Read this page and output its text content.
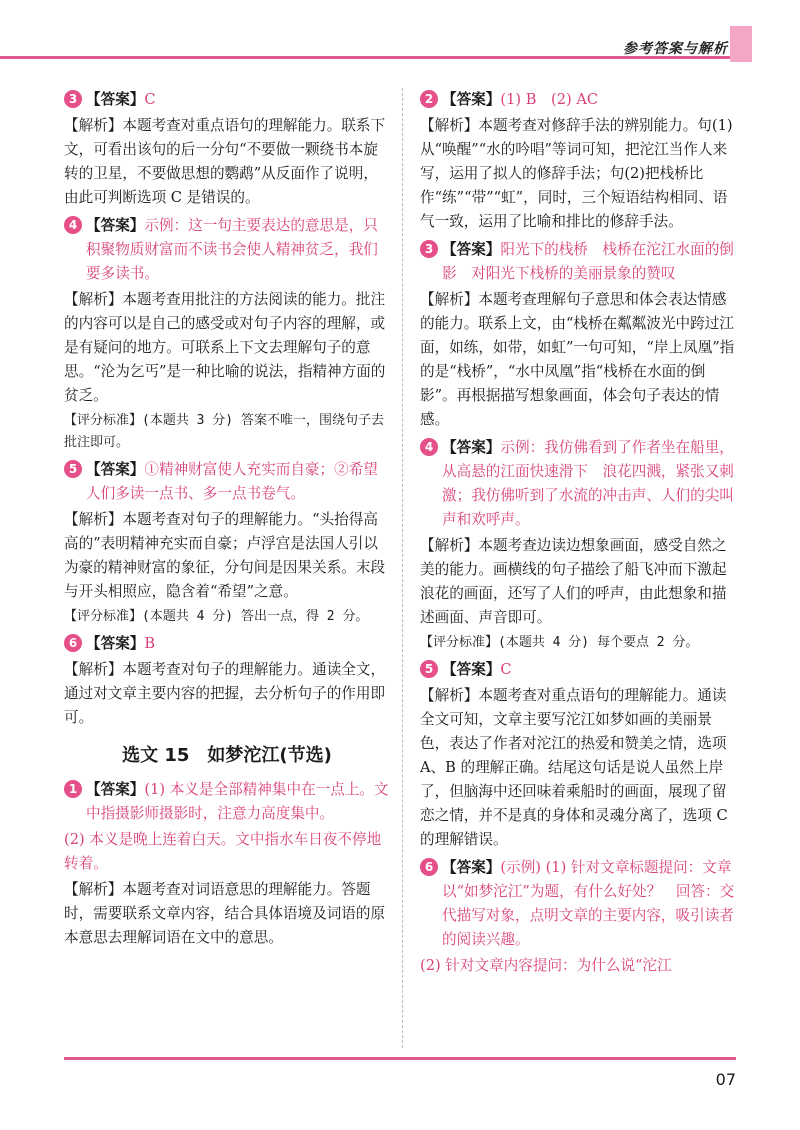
参考答案与解析
3 【答案】C
【解析】本题考查对重点语句的理解能力。联系下文，可看出该句的后一分句“不要做一颗绕书本旋转的卫星，不要做思想的鹦鹉”从反面作了说明，由此可判断选项 C 是错误的。
4 【答案】示例：这一句主要表达的意思是，只积聚物质财富而不读书会使人精神贫乏，我们要多读书。
【解析】本题考查用批注的方法阅读的能力。批注的内容可以是自己的感受或对句子内容的理解，或是有疑问的地方。可联系上下文去理解句子的意思。“沦为乞丐”是一种比喻的说法，指精神方面的贫乏。
【评分标准】(本题共 3 分) 答案不唯一，围绕句子去批注即可。
5 【答案】①精神财富使人充实而自豪；②希望人们多读一点书、多一点书卷气。
【解析】本题考查对句子的理解能力。“头抬得高高的”表明精神充实而自豪；卢浮宫是法国人引以为豪的精神财富的象征，分句间是因果关系。末段与开头相照应，隐含着“希望”之意。
【评分标准】(本题共 4 分) 答出一点，得 2 分。
6 【答案】B
【解析】本题考查对句子的理解能力。通读全文，通过对文章主要内容的把握，去分析句子的作用即可。
选文 15　如梦沱江(节选)
1 【答案】(1) 本义是全部精神集中在一点上。文中指摄影师摄影时，注意力高度集中。
(2) 本义是晚上连着白天。文中指水车日夜不停地转着。
【解析】本题考查对词语意思的理解能力。答题时，需要联系文章内容，结合具体语境及词语的原本意思去理解词语在文中的意思。
2 【答案】(1) B　(2) AC
【解析】本题考查对修辞手法的辨别能力。句(1)从“唤醒”“水的吟唱”等词可知，把沱江当作人来写，运用了拟人的修辞手法；句(2)把栈桥比作“练”“带”“虹”，同时，三个短语结构相同、语气一致，运用了比喻和排比的修辞手法。
3 【答案】阳光下的栈桥　栈桥在沱江水面的倒影　对阳光下栈桥的美丽景象的赞叹
【解析】本题考查理解句子意思和体会表达情感的能力。联系上文，由“栈桥在粼粼波光中跨过江面，如练，如带，如虹”一句可知，“岸上凤凰”指的是“栈桥”，“水中凤凰”指“栈桥在水面的倒影”。再根据描写想象画面，体会句子表达的情感。
4 【答案】示例：我仿佛看到了作者坐在船里，从高悬的江面快速滑下　浪花四溅，紧张又刺激；我仿佛听到了水流的冲击声、人们的尖叫声和欢呼声。
【解析】本题考查边读边想象画面，感受自然之美的能力。画横线的句子描绘了船飞冲而下激起浪花的画面，还写了人们的呼声，由此想象和描述画面、声音即可。
【评分标准】(本题共 4 分) 每个要点 2 分。
5 【答案】C
【解析】本题考查对重点语句的理解能力。通读全文可知，文章主要写沱江如梦如画的美丽景色，表达了作者对沱江的热爱和赞美之情，选项 A、B 的理解正确。结尾这句话是说人虽然上岸了，但脑海中还回味着乘船时的画面，展现了留恋之情，并不是真的身体和灵魂分离了，选项 C 的理解错误。
6 【答案】(示例) (1) 针对文章标题提问：文章以“如梦沱江”为题，有什么好处？　回答：交代描写对象，点明文章的主要内容，吸引读者的阅读兴趣。
(2) 针对文章内容提问：为什么说“沱江
07
